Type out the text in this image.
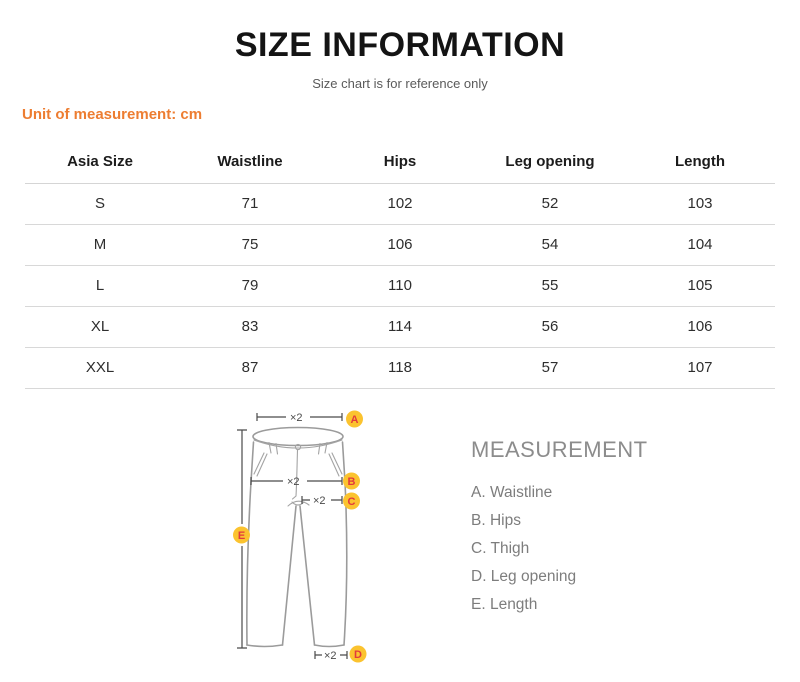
SIZE INFORMATION
Size chart is for reference only
Unit of measurement: cm
Asia Size	Waistline	Hips	Leg opening	Length
S	71	102	52	103
M	75	106	54	104
L	79	110	55	105
XL	83	114	56	106
XXL	87	118	57	107
×2
×2
×2
×2
A
B
C
D
E
MEASUREMENT
A. Waistline
B. Hips
C. Thigh
D. Leg opening
E. Length
